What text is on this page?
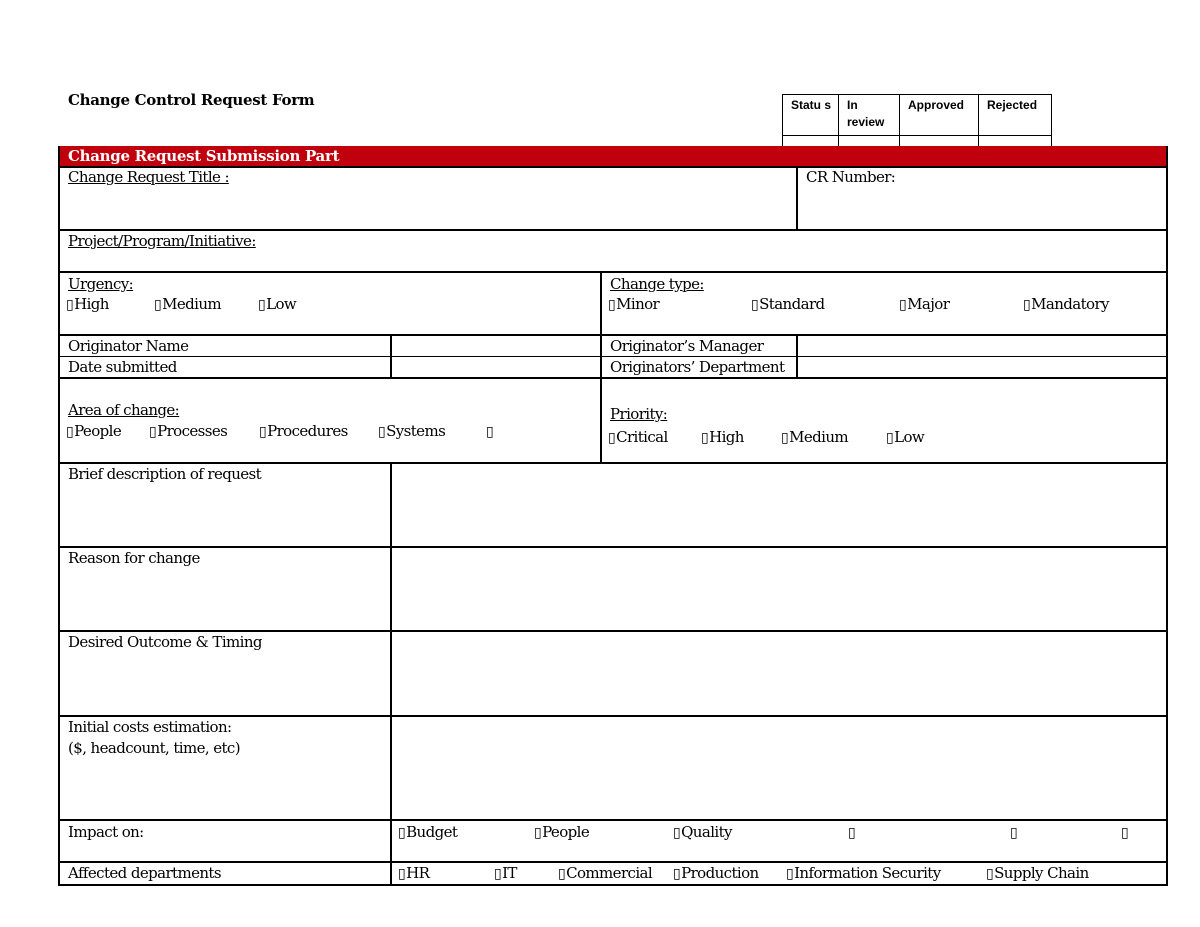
Change Control Request Form	Statu s	In review	Approved	Rejected

Change Request Submission Part
Change Request Title :	CR Number:
Project/Program/Initiative:
Urgency:
▯ High	▯ Medium	▯ Low
Change type:
▯ Minor	▯ Standard	▯ Major	▯ Mandatory
Originator Name	Originator’s Manager
Date submitted	Originators’ Department
Area of change:
▯ People	▯ Processes	▯ Procedures	▯ Systems
▯
Priority:
▯ Critical	▯ High	▯ Medium	▯ Low
Brief description of request
Reason for change
Desired Outcome & Timing
Initial costs estimation:
($, headcount, time, etc)
Impact on:	▯ Budget	▯ People	▯ Quality
▯
▯
▯
Affected departments	▯ HR	▯ IT	▯ Commercial	▯ Production	▯ Information Security	▯ Supply Chain
